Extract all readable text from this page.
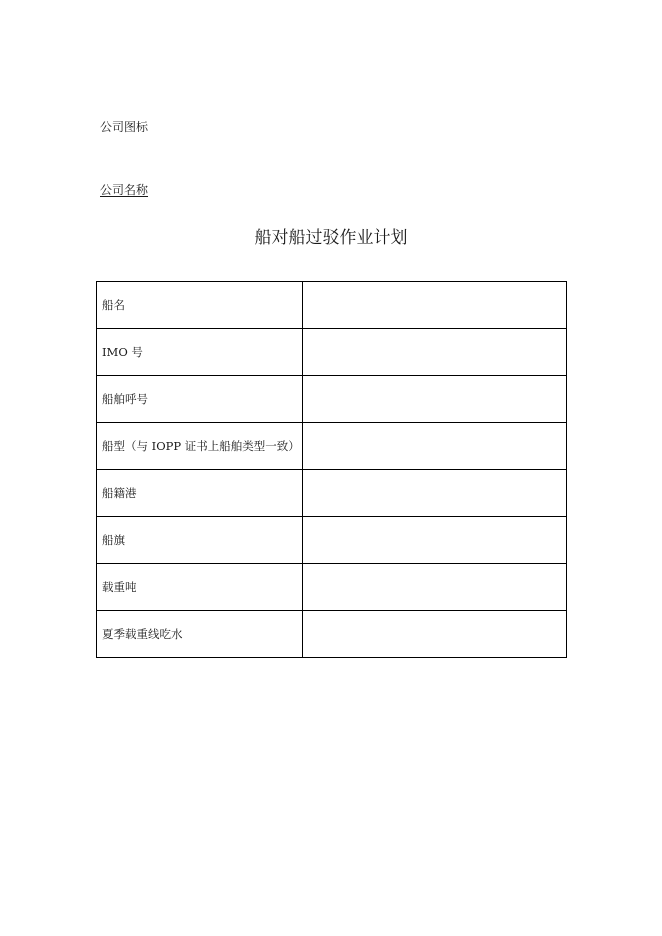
公司图标
公司名称
船对船过驳作业计划
船名	
IMO 号	
船舶呼号	
船型（与 IOPP 证书上船舶类型一致）	
船籍港	
船旗	
载重吨	
夏季载重线吃水	
